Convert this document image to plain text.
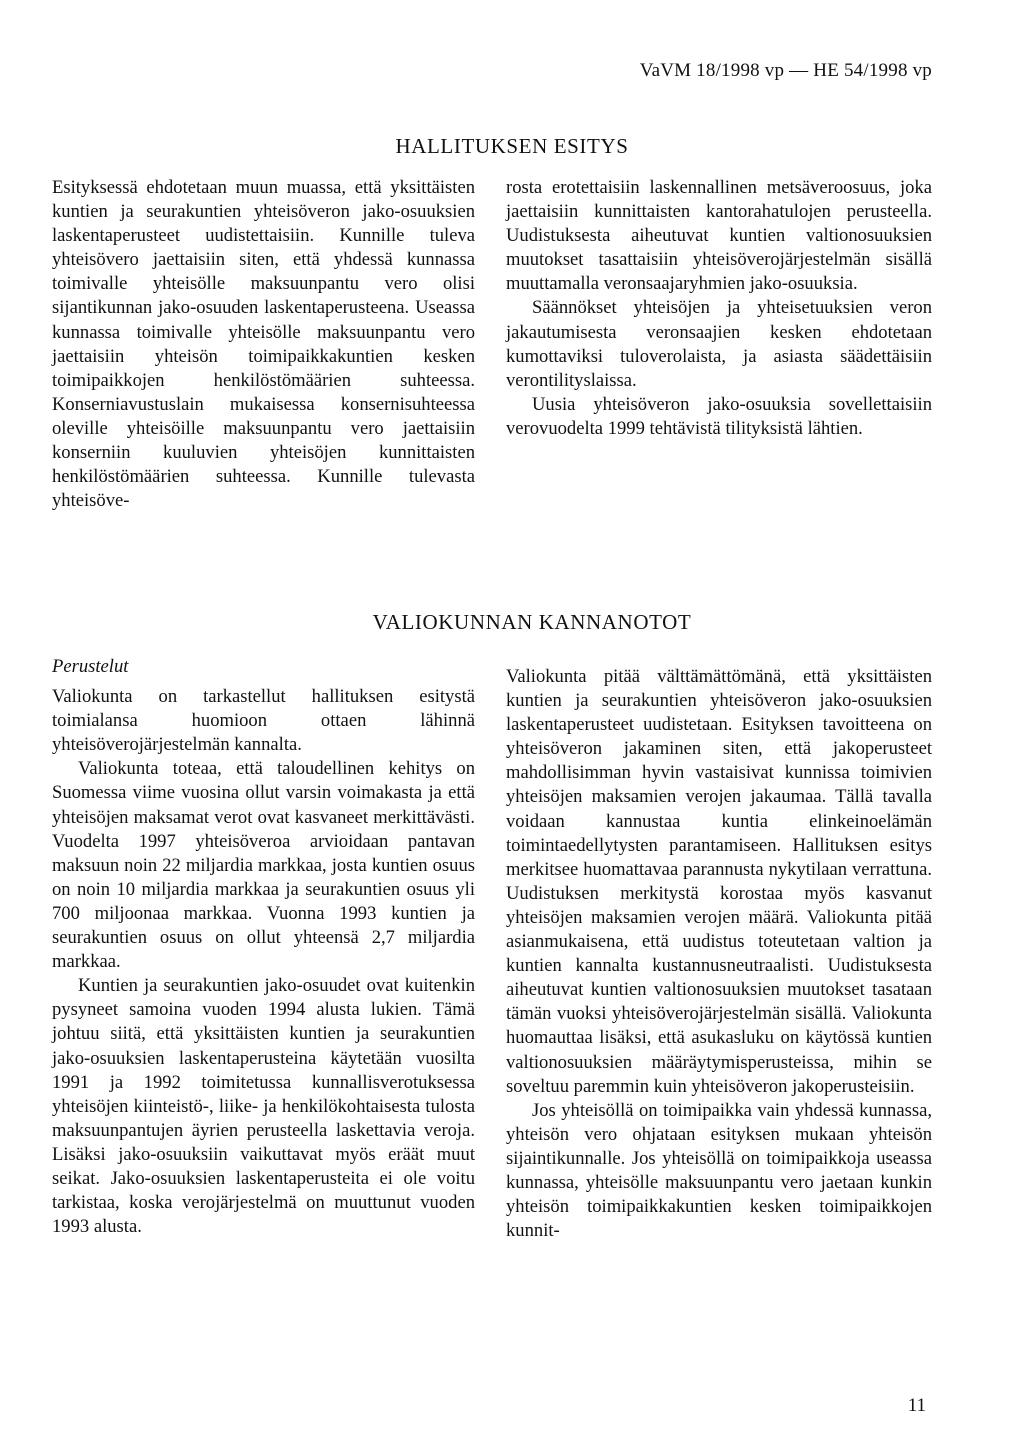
VaVM 18/1998 vp — HE 54/1998 vp
HALLITUKSEN ESITYS

Esityksessä ehdotetaan muun muassa, että yksittäisten kuntien ja seurakuntien yhteisöveron jako-osuuksien laskentaperusteet uudistettaisiin. Kunnille tuleva yhteisövero jaettaisiin siten, että yhdessä kunnassa toimivalle yhteisölle maksuunpantu vero olisi sijantikunnan jako-osuuden laskentaperusteena. Useassa kunnassa toimivalle yhteisölle maksuunpantu vero jaettaisiin yhteisön toimipaikkakuntien kesken toimipaikkojen henkilöstömäärien suhteessa. Konserniavustuslain mukaisessa konsernisuhteessa oleville yhteisöille maksuunpantu vero jaettaisiin konserniin kuuluvien yhteisöjen kunnittaisten henkilöstömäärien suhteessa. Kunnille tulevasta yhteisöve-

rosta erotettaisiin laskennallinen metsäveroosuus, joka jaettaisiin kunnittaisten kantorahatulojen perusteella. Uudistuksesta aiheutuvat kuntien valtionosuuksien muutokset tasattaisiin yhteisöverojärjestelmän sisällä muuttamalla veronsaajaryhmien jako-osuuksia.

Säännökset yhteisöjen ja yhteisetuuksien veron jakautumisesta veronsaajien kesken ehdotetaan kumottaviksi tuloverolaista, ja asiasta säädettäisiin verontilityslaissa.

Uusia yhteisöveron jako-osuuksia sovellettaisiin verovuodelta 1999 tehtävistä tilityksistä lähtien.

VALIOKUNNAN KANNANOTOT
Perustelut

Valiokunta on tarkastellut hallituksen esitystä toimialansa huomioon ottaen lähinnä yhteisöverojärjestelmän kannalta.

Valiokunta toteaa, että taloudellinen kehitys on Suomessa viime vuosina ollut varsin voimakasta ja että yhteisöjen maksamat verot ovat kasvaneet merkittävästi. Vuodelta 1997 yhteisöveroa arvioidaan pantavan maksuun noin 22 miljardia markkaa, josta kuntien osuus on noin 10 miljardia markkaa ja seurakuntien osuus yli 700 miljoonaa markkaa. Vuonna 1993 kuntien ja seurakuntien osuus on ollut yhteensä 2,7 miljardia markkaa.

Kuntien ja seurakuntien jako-osuudet ovat kuitenkin pysyneet samoina vuoden 1994 alusta lukien. Tämä johtuu siitä, että yksittäisten kuntien ja seurakuntien jako-osuuksien laskentaperusteina käytetään vuosilta 1991 ja 1992 toimitetussa kunnallisverotuksessa yhteisöjen kiinteistö-, liike- ja henkilökohtaisesta tulosta maksuunpantujen äyrien perusteella laskettavia veroja. Lisäksi jako-osuuksiin vaikuttavat myös eräät muut seikat. Jako-osuuksien laskentaperusteita ei ole voitu tarkistaa, koska verojärjestelmä on muuttunut vuoden 1993 alusta.

Valiokunta pitää välttämättömänä, että yksittäisten kuntien ja seurakuntien yhteisöveron jako-osuuksien laskentaperusteet uudistetaan. Esityksen tavoitteena on yhteisöveron jakaminen siten, että jakoperusteet mahdollisimman hyvin vastaisivat kunnissa toimivien yhteisöjen maksamien verojen jakaumaa. Tällä tavalla voidaan kannustaa kuntia elinkeinoelämän toimintaedellytysten parantamiseen. Hallituksen esitys merkitsee huomattavaa parannusta nykytilaan verrattuna. Uudistuksen merkitystä korostaa myös kasvanut yhteisöjen maksamien verojen määrä. Valiokunta pitää asianmukaisena, että uudistus toteutetaan valtion ja kuntien kannalta kustannusneutraalisti. Uudistuksesta aiheutuvat kuntien valtionosuuksien muutokset tasataan tämän vuoksi yhteisöverojärjestelmän sisällä. Valiokunta huomauttaa lisäksi, että asukasluku on käytössä kuntien valtionosuuksien määräytymisperusteissa, mihin se soveltuu paremmin kuin yhteisöveron jakoperusteisiin.

Jos yhteisöllä on toimipaikka vain yhdessä kunnassa, yhteisön vero ohjataan esityksen mukaan yhteisön sijaintikunnalle. Jos yhteisöllä on toimipaikkoja useassa kunnassa, yhteisölle maksuunpantu vero jaetaan kunkin yhteisön toimipaikkakuntien kesken toimipaikkojen kunnit-

11
